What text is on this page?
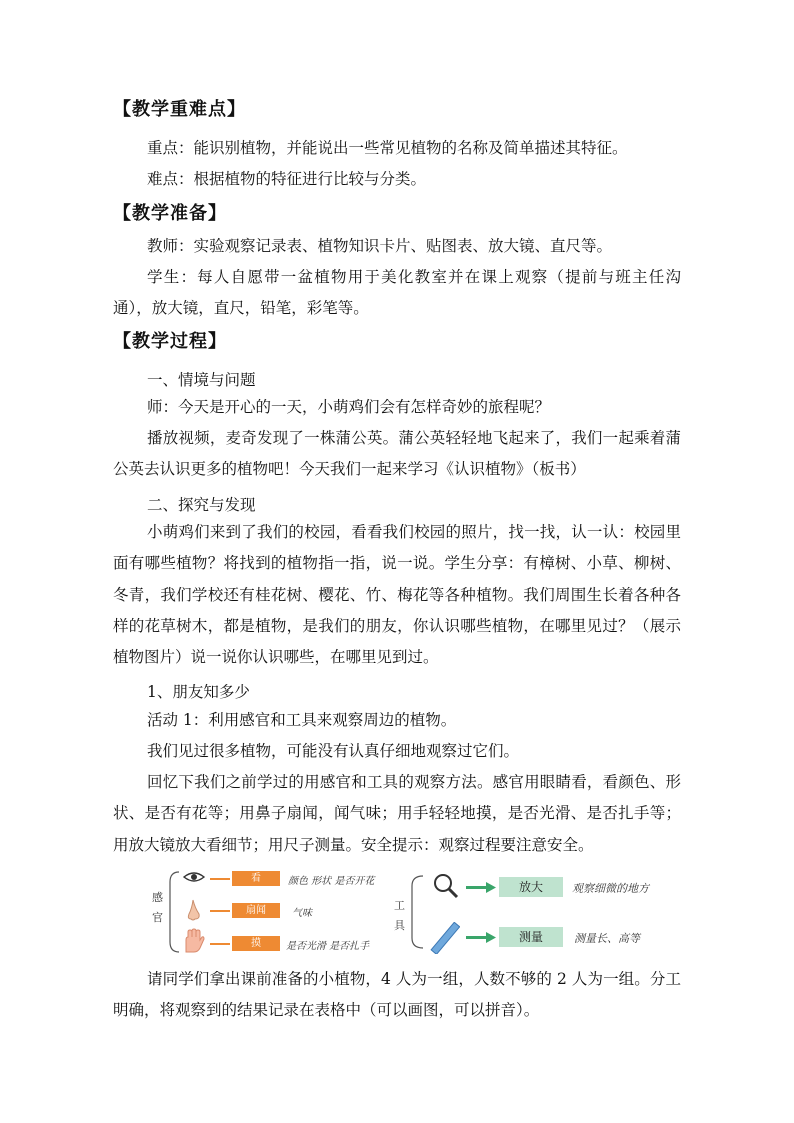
【教学重难点】
重点：能识别植物，并能说出一些常见植物的名称及简单描述其特征。
难点：根据植物的特征进行比较与分类。
【教学准备】
教师：实验观察记录表、植物知识卡片、贴图表、放大镜、直尺等。
学生：每人自愿带一盆植物用于美化教室并在课上观察（提前与班主任沟通），放大镜，直尺，铅笔，彩笔等。
【教学过程】
一、情境与问题
师：今天是开心的一天，小萌鸡们会有怎样奇妙的旅程呢？
播放视频，麦奇发现了一株蒲公英。蒲公英轻轻地飞起来了，我们一起乘着蒲公英去认识更多的植物吧！今天我们一起来学习《认识植物》（板书）
二、探究与发现
小萌鸡们来到了我们的校园，看看我们校园的照片，找一找，认一认：校园里面有哪些植物？将找到的植物指一指，说一说。学生分享：有樟树、小草、柳树、冬青，我们学校还有桂花树、樱花、竹、梅花等各种植物。我们周围生长着各种各样的花草树木，都是植物，是我们的朋友，你认识哪些植物，在哪里见过？（展示植物图片）说一说你认识哪些，在哪里见到过。
1、朋友知多少
活动 1：利用感官和工具来观察周边的植物。
我们见过很多植物，可能没有认真仔细地观察过它们。
回忆下我们之前学过的用感官和工具的观察方法。感官用眼睛看，看颜色、形状、是否有花等；用鼻子扇闻，闻气味；用手轻轻地摸，是否光滑、是否扎手等；用放大镜放大看细节；用尺子测量。安全提示：观察过程要注意安全。
感官
看	颜色 形状 是否开花
扇闻	气味
摸	是否光滑 是否扎手
工具
放大	观察细微的地方
测量	测量长、高等
请同学们拿出课前准备的小植物，4 人为一组，人数不够的 2 人为一组。分工明确，将观察到的结果记录在表格中（可以画图，可以拼音）。
